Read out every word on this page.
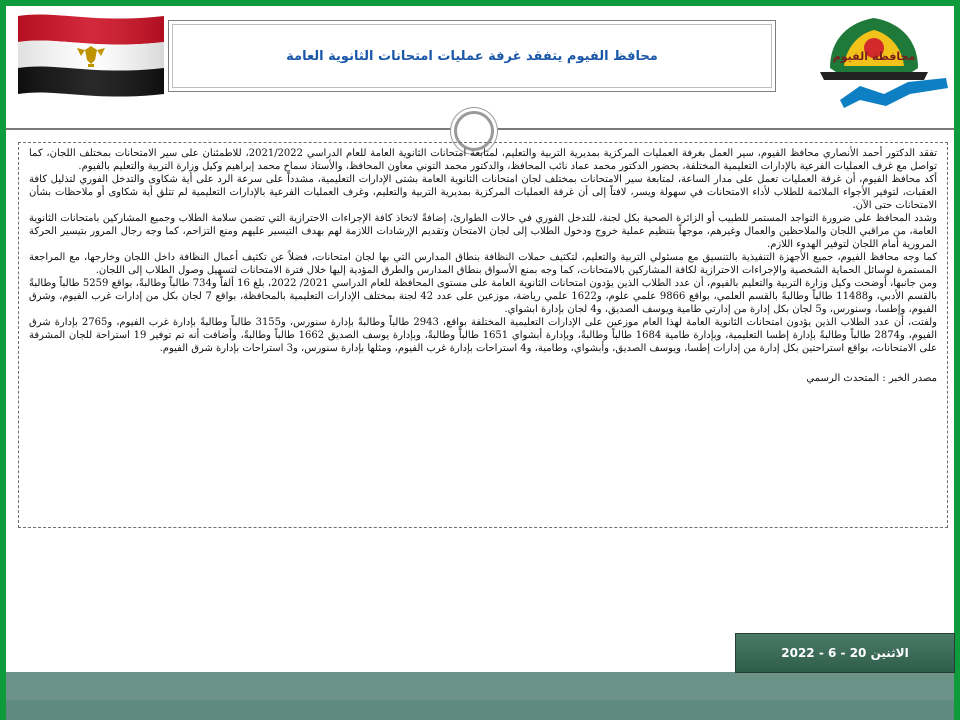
محافظ الفيوم يتفقد غرفة عمليات امتحانات الثانوية العامة	محافظة الفيوم

تفقد الدكتور أحمد الأنصاري محافظ الفيوم، سير العمل بغرفة العمليات المركزية بمديرية التربية والتعليم، لمتابعة امتحانات الثانوية العامة للعام الدراسي 2021/2022، للاطمئنان على سير الامتحانات بمختلف اللجان، كما تواصل مع غرف العمليات الفرعية بالإدارات التعليمية المختلفة، بحضور الدكتور محمد عماد نائب المحافظ، والدكتور محمد التوني معاون المحافظ، والأستاذ سماح محمد إبراهيم وكيل وزارة التربية والتعليم بالفيوم.

أكد محافظ الفيوم، أن غرفة العمليات تعمل على مدار الساعة، لمتابعة سير الامتحانات بمختلف لجان امتحانات الثانوية العامة بشتى الإدارات التعليمية، مشدداً على سرعة الرد على أية شكاوى والتدخل الفوري لتذليل كافة العقبات، لتوفير الأجواء الملائمة للطلاب لأداء الامتحانات في سهولة ويسر، لافتاً إلى أن غرفة العمليات المركزية بمديرية التربية والتعليم، وغرف العمليات الفرعية بالإدارات التعليمية لم تتلق أية شكاوى أو ملاحظات بشأن الامتحانات حتى الآن.

وشدد المحافظ على ضرورة التواجد المستمر للطبيب أو الزائرة الصحية بكل لجنة، للتدخل الفوري في حالات الطوارئ، إضافةً لاتخاذ كافة الإجراءات الاحترازية التي تضمن سلامة الطلاب وجميع المشاركين بامتحانات الثانوية العامة، من مراقبي اللجان والملاحظين والعمال وغيرهم، موجهاً بتنظيم عملية خروج ودخول الطلاب إلى لجان الامتحان وتقديم الإرشادات اللازمة لهم بهدف التيسير عليهم ومنع التزاحم، كما وجه رجال المرور بتيسير الحركة المرورية أمام اللجان لتوفير الهدوء اللازم.

كما وجه محافظ الفيوم، جميع الأجهزة التنفيذية بالتنسيق مع مسئولي التربية والتعليم، لتكثيف حملات النظافة بنطاق المدارس التي بها لجان امتحانات، فضلاً عن تكثيف أعمال النظافة داخل اللجان وخارجها، مع المراجعة المستمرة لوسائل الحماية الشخصية والإجراءات الاحترازية لكافة المشاركين بالامتحانات، كما وجه بمنع الأسواق بنطاق المدارس والطرق المؤدية إليها خلال فترة الامتحانات لتسهيل وصول الطلاب إلى اللجان.

ومن جانبها، أوضحت وكيل وزارة التربية والتعليم بالفيوم، أن عدد الطلاب الذين يؤدون امتحانات الثانوية العامة على مستوى المحافظة للعام الدراسي 2021/ 2022، بلغ 16 ألفاً و734 طالباً وطالبةً، بواقع 5259 طالباً وطالبةً بالقسم الأدبي، و11488 طالباً وطالبةً بالقسم العلمي، بواقع 9866 علمي علوم، و1622 علمي رياضة، موزعين على عدد 42 لجنة بمختلف الإدارات التعليمية بالمحافظة، بواقع 7 لجان بكل من إدارات غرب الفيوم، وشرق الفيوم، وإطسا، وسنورس، و5 لجان بكل إدارة من إدارتي طامية ويوسف الصديق، و4 لجان بإدارة ابشواي.

ولفتت، أن عدد الطلاب الذين يؤدون امتحانات الثانوية العامة لهذا العام موزعين على الإدارات التعليمية المختلفة بواقع، 2943 طالباً وطالبةً بإدارة سنورس، و3155 طالباً وطالبةً بإدارة غرب الفيوم، و2765 بإدارة شرق الفيوم، و2874 طالباً وطالبةً بإدارة إطسا التعليمية، وبإدارة طامية 1684 طالباً وطالبةً، وبإدارة أبشواي 1651 طالباً وطالبةً، وبإدارة يوسف الصديق 1662 طالباً وطالبةً، وأضافت أنه تم توفير 19 استراحة للجان المشرفة على الامتحانات، بواقع استراحتين بكل إدارة من إدارات إطسا، ويوسف الصديق، وأبشواي، وطامية، و4 استراحات بإدارة غرب الفيوم، ومثلها بإدارة سنورس، و3 استراحات بإدارة شرق الفيوم.

مصدر الخبر : المتحدث الرسمي
الاثنين 20 - 6 - 2022
